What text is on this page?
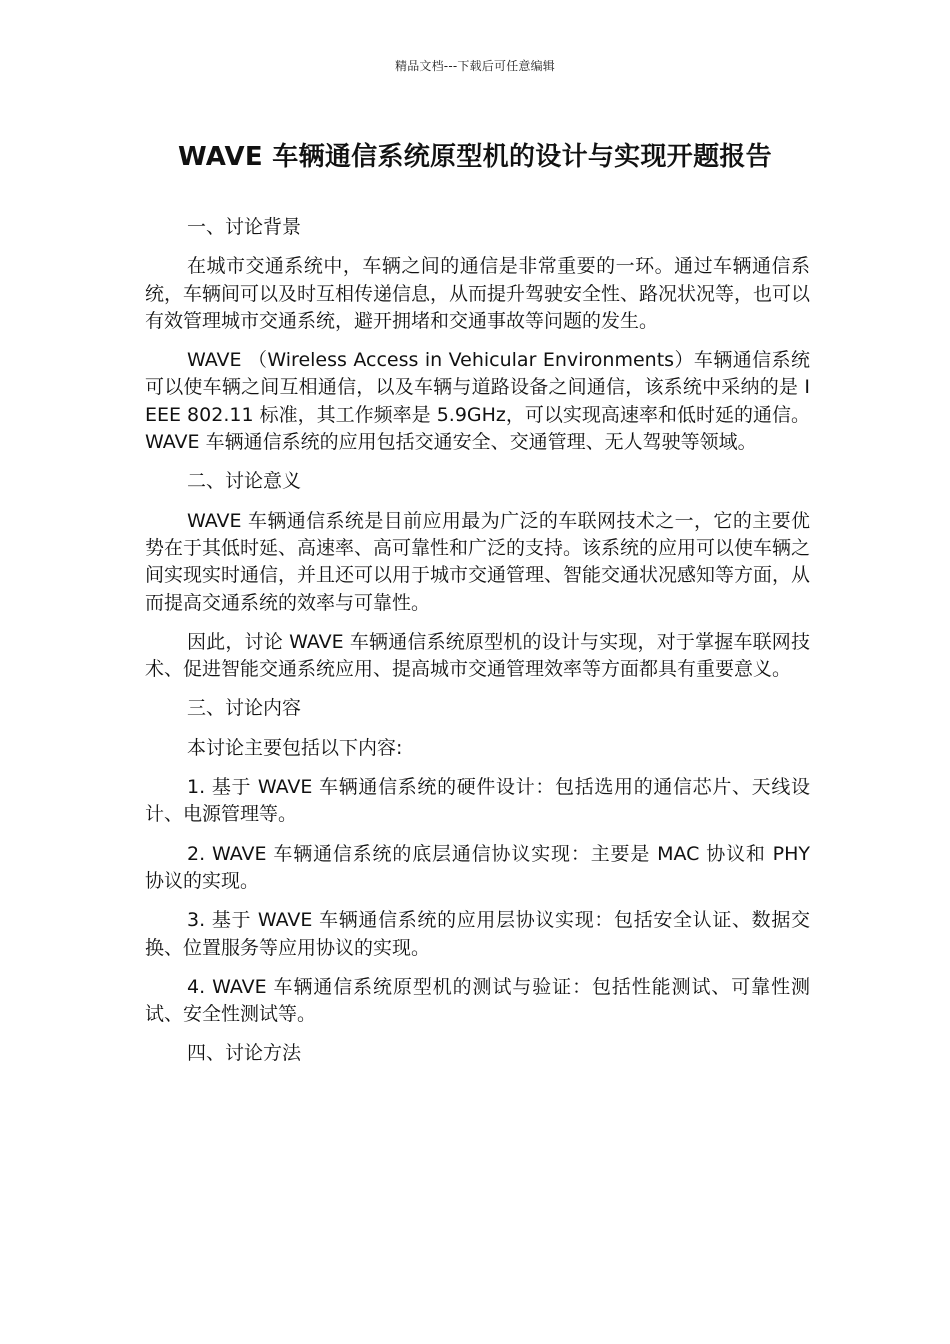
精品文档---下载后可任意编辑
WAVE 车辆通信系统原型机的设计与实现开题报告

一、讨论背景

在城市交通系统中，车辆之间的通信是非常重要的一环。通过车辆通信系统，车辆间可以及时互相传递信息，从而提升驾驶安全性、路况状况等，也可以有效管理城市交通系统，避开拥堵和交通事故等问题的发生。

WAVE （Wireless Access in Vehicular Environments）车辆通信系统可以使车辆之间互相通信，以及车辆与道路设备之间通信，该系统中采纳的是 IEEE 802.11 标准，其工作频率是 5.9GHz，可以实现高速率和低时延的通信。WAVE 车辆通信系统的应用包括交通安全、交通管理、无人驾驶等领域。

二、讨论意义

WAVE 车辆通信系统是目前应用最为广泛的车联网技术之一，它的主要优势在于其低时延、高速率、高可靠性和广泛的支持。该系统的应用可以使车辆之间实现实时通信，并且还可以用于城市交通管理、智能交通状况感知等方面，从而提高交通系统的效率与可靠性。

因此，讨论 WAVE 车辆通信系统原型机的设计与实现，对于掌握车联网技术、促进智能交通系统应用、提高城市交通管理效率等方面都具有重要意义。

三、讨论内容

本讨论主要包括以下内容:

1. 基于 WAVE 车辆通信系统的硬件设计：包括选用的通信芯片、天线设计、电源管理等。

2. WAVE 车辆通信系统的底层通信协议实现：主要是 MAC 协议和 PHY 协议的实现。

3. 基于 WAVE 车辆通信系统的应用层协议实现：包括安全认证、数据交换、位置服务等应用协议的实现。

4. WAVE 车辆通信系统原型机的测试与验证：包括性能测试、可靠性测试、安全性测试等。

四、讨论方法
